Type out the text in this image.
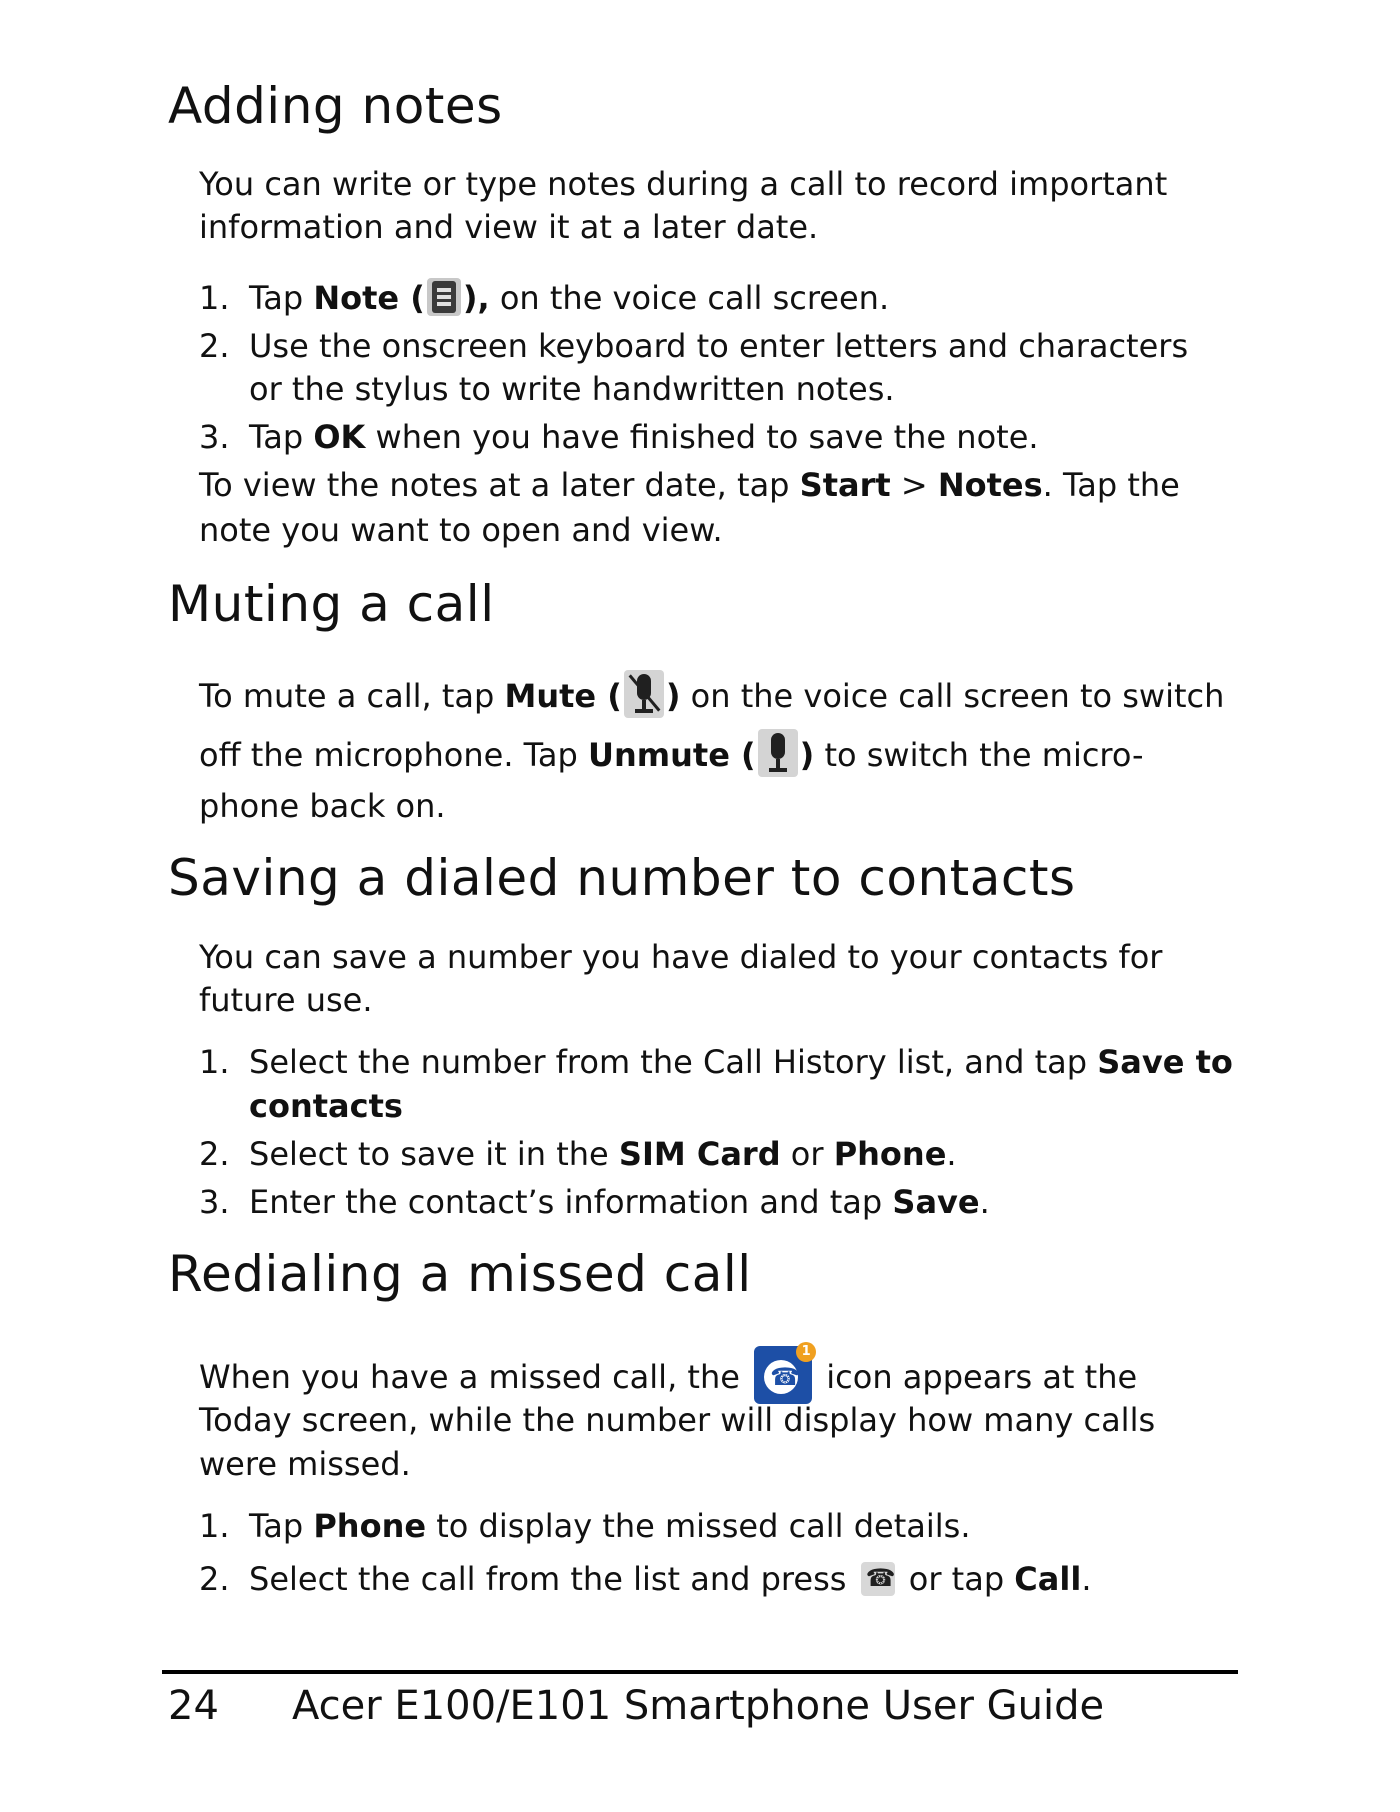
Adding notes

You can write or type notes during a call to record important

information and view it at a later date.

1. Tap Note ( ), on the voice call screen.
2. Use the onscreen keyboard to enter letters and characters
or the stylus to write handwritten notes.
3. Tap OK when you have finished to save the note.

To view the notes at a later date, tap Start > Notes. Tap the

note you want to open and view.

Muting a call

To mute a call, tap Mute ( ) on the voice call screen to switch

off the microphone. Tap Unmute ( ) to switch the micro-

phone back on.

Saving a dialed number to contacts

You can save a number you have dialed to your contacts for

future use.

1. Select the number from the Call History list, and tap Save to
contacts
2. Select to save it in the SIM Card or Phone.
3. Enter the contact’s information and tap Save.
Redialing a missed call

When you have a missed call, the
☎
1
icon appears at the

Today screen, while the number will display how many calls

were missed.

1. Tap Phone to display the missed call details.
2. Select the call from the list and press ☎ or tap Call.
24 Acer E100/E101 Smartphone User Guide
